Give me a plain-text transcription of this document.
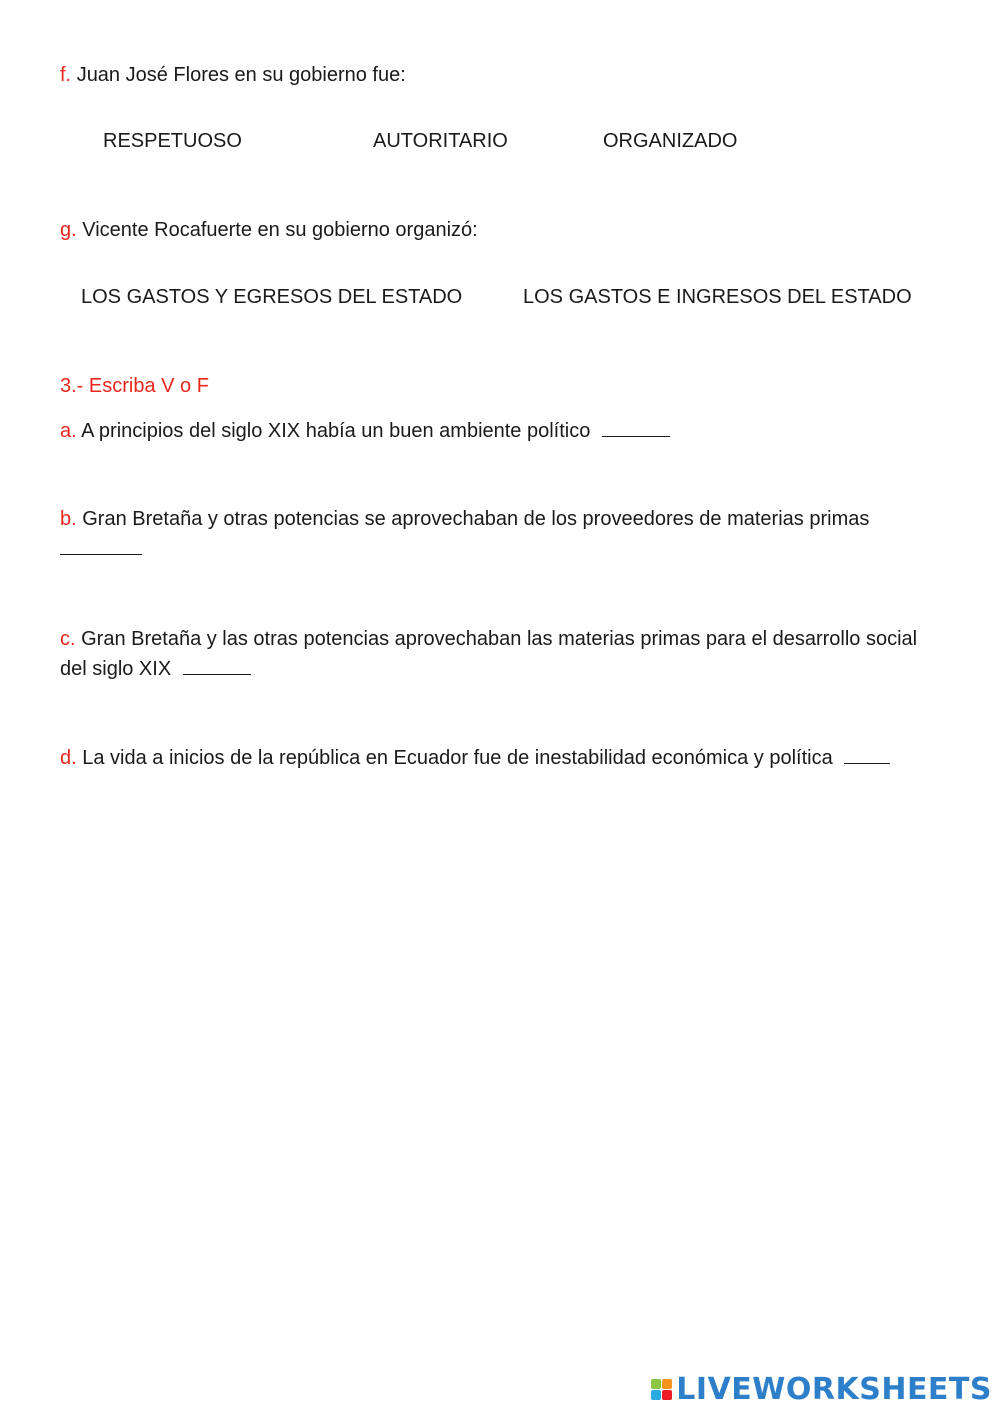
f. Juan José Flores en su gobierno fue:
RESPETUOSO	AUTORITARIO	ORGANIZADO
g. Vicente Rocafuerte en su gobierno organizó:
LOS GASTOS Y EGRESOS DEL ESTADO	LOS GASTOS E INGRESOS DEL ESTADO
3.- Escriba V o F
a. A principios del siglo XIX había un buen ambiente político
b. Gran Bretaña y otras potencias se aprovechaban de los proveedores de materias primas

c. Gran Bretaña y las otras potencias aprovechaban las materias primas para el desarrollo social del siglo XIX
d. La vida a inicios de la república en Ecuador fue de inestabilidad económica y política
LIVEWORKSHEETS
